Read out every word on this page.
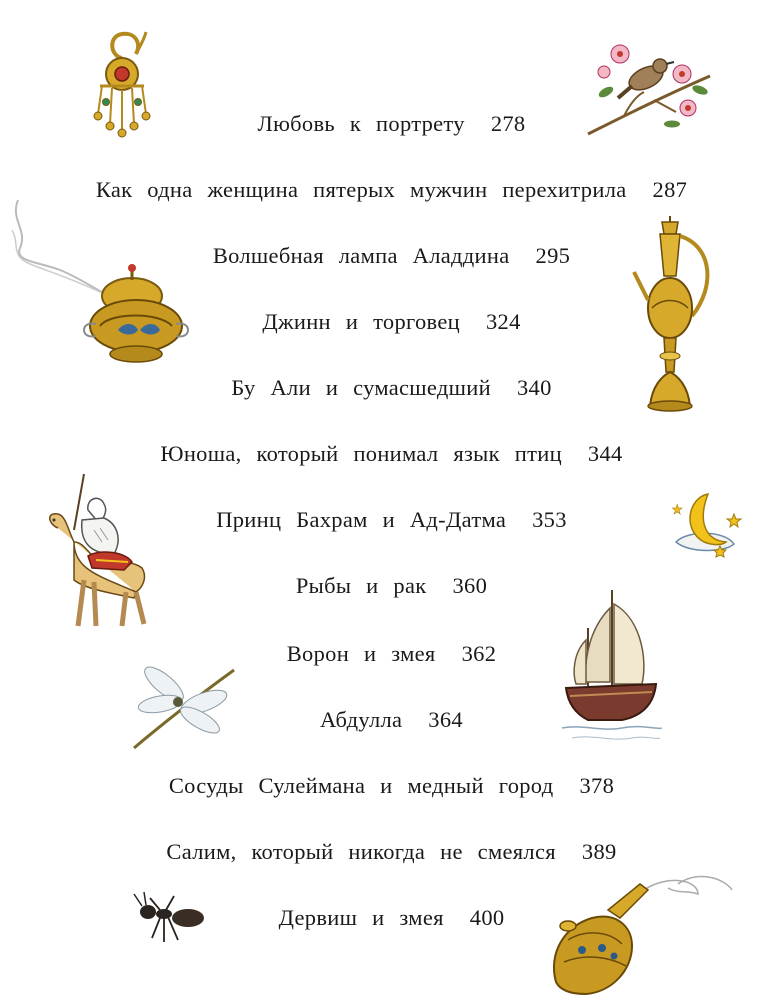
Любовь к портрету 278
Как одна женщина пятерых мужчин перехитрила 287
Волшебная лампа Аладдина 295
Джинн и торговец 324
Бу Али и сумасшедший 340
Юноша, который понимал язык птиц 344
Принц Бахрам и Ад-Датма 353
Рыбы и рак 360
Ворон и змея 362
Абдулла 364
Сосуды Сулеймана и медный город 378
Салим, который никогда не смеялся 389
Дервиш и змея 400
